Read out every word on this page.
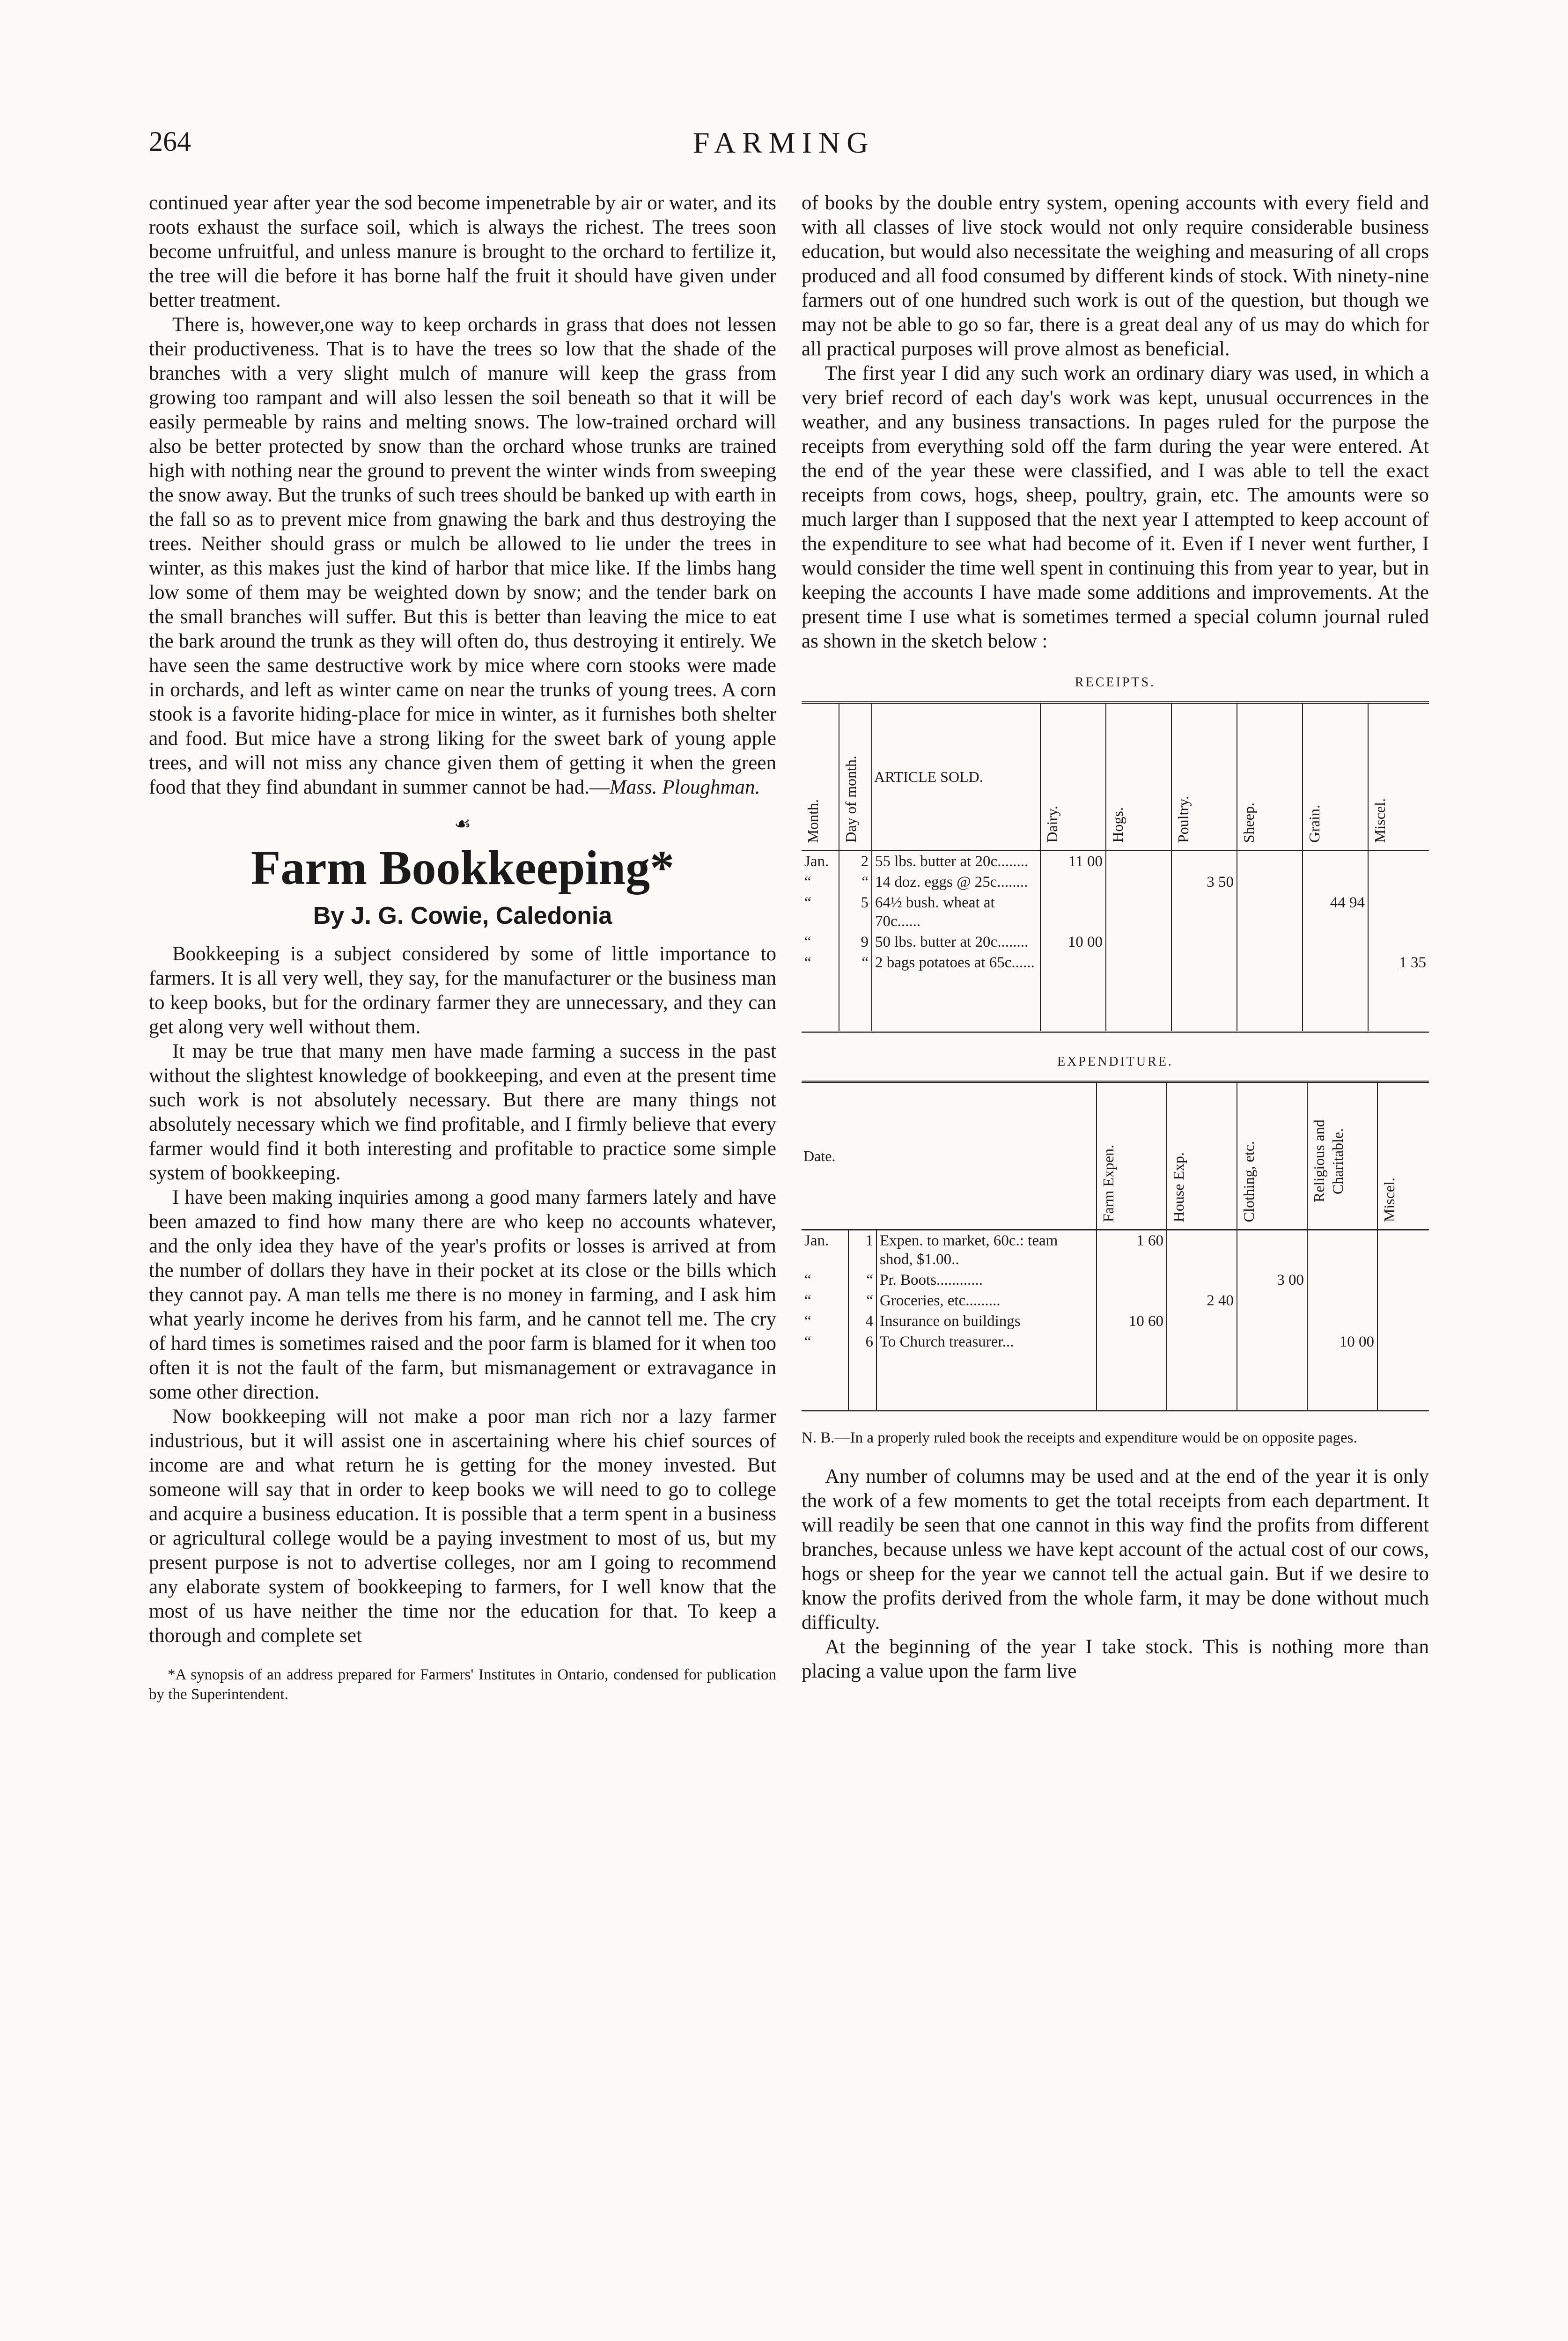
264	FARMING

continued year after year the sod become impenetrable by air or water, and its roots exhaust the surface soil, which is always the richest. The trees soon become unfruitful, and unless manure is brought to the orchard to fertilize it, the tree will die before it has borne half the fruit it should have given under better treatment.

There is, however,one way to keep orchards in grass that does not lessen their productiveness. That is to have the trees so low that the shade of the branches with a very slight mulch of manure will keep the grass from growing too rampant and will also lessen the soil beneath so that it will be easily permeable by rains and melting snows. The low-trained orchard will also be better protected by snow than the orchard whose trunks are trained high with nothing near the ground to prevent the winter winds from sweeping the snow away. But the trunks of such trees should be banked up with earth in the fall so as to prevent mice from gnawing the bark and thus destroying the trees. Neither should grass or mulch be allowed to lie under the trees in winter, as this makes just the kind of harbor that mice like. If the limbs hang low some of them may be weighted down by snow; and the tender bark on the small branches will suffer. But this is better than leaving the mice to eat the bark around the trunk as they will often do, thus destroying it entirely. We have seen the same destructive work by mice where corn stooks were made in orchards, and left as winter came on near the trunks of young trees. A corn stook is a favorite hiding-place for mice in winter, as it furnishes both shelter and food. But mice have a strong liking for the sweet bark of young apple trees, and will not miss any chance given them of getting it when the green food that they find abundant in summer cannot be had.—Mass. Ploughman.

☙
Farm Bookkeeping*
By J. G. Cowie, Caledonia

Bookkeeping is a subject considered by some of little importance to farmers. It is all very well, they say, for the manufacturer or the business man to keep books, but for the ordinary farmer they are unnecessary, and they can get along very well without them.

It may be true that many men have made farming a success in the past without the slightest knowledge of bookkeeping, and even at the present time such work is not absolutely necessary. But there are many things not absolutely necessary which we find profitable, and I firmly believe that every farmer would find it both interesting and profitable to practice some simple system of bookkeeping.

I have been making inquiries among a good many farmers lately and have been amazed to find how many there are who keep no accounts whatever, and the only idea they have of the year's profits or losses is arrived at from the number of dollars they have in their pocket at its close or the bills which they cannot pay. A man tells me there is no money in farming, and I ask him what yearly income he derives from his farm, and he cannot tell me. The cry of hard times is sometimes raised and the poor farm is blamed for it when too often it is not the fault of the farm, but mismanagement or extravagance in some other direction.

Now bookkeeping will not make a poor man rich nor a lazy farmer industrious, but it will assist one in ascertaining where his chief sources of income are and what return he is getting for the money invested. But someone will say that in order to keep books we will need to go to college and acquire a business education. It is possible that a term spent in a business or agricultural college would be a paying investment to most of us, but my present purpose is not to advertise colleges, nor am I going to recommend any elaborate system of bookkeeping to farmers, for I well know that the most of us have neither the time nor the education for that. To keep a thorough and complete set

*A synopsis of an address prepared for Farmers' Institutes in Ontario, condensed for publication by the Superintendent.

of books by the double entry system, opening accounts with every field and with all classes of live stock would not only require considerable business education, but would also necessitate the weighing and measuring of all crops produced and all food consumed by different kinds of stock. With ninety-nine farmers out of one hundred such work is out of the question, but though we may not be able to go so far, there is a great deal any of us may do which for all practical purposes will prove almost as beneficial.

The first year I did any such work an ordinary diary was used, in which a very brief record of each day's work was kept, unusual occurrences in the weather, and any business transactions. In pages ruled for the purpose the receipts from everything sold off the farm during the year were entered. At the end of the year these were classified, and I was able to tell the exact receipts from cows, hogs, sheep, poultry, grain, etc. The amounts were so much larger than I supposed that the next year I attempted to keep account of the expenditure to see what had become of it. Even if I never went further, I would consider the time well spent in continuing this from year to year, but in keeping the accounts I have made some additions and improvements. At the present time I use what is sometimes termed a special column journal ruled as shown in the sketch below :

RECEIPTS.
Month.	Day of month.	ARTICLE SOLD.	Dairy.	Hogs.	Poultry.	Sheep.	Grain.	Miscel.
Jan.	2	55 lbs. butter at 20c........	11 00					
“	“	14 doz. eggs @ 25c........			3 50			
“	5	64½ bush. wheat at 70c......					44 94	
“	9	50 lbs. butter at 20c........	10 00					
“	“	2 bags potatoes at 65c......						1 35

EXPENDITURE.
Date.			Farm Expen.	House Exp.	Clothing, etc.	Religious and Charitable.	Miscel.
Jan.	1	Expen. to market, 60c.: team shod, $1.00..	1 60				
“	“	Pr. Boots............			3 00		
“	“	Groceries, etc.........		2 40			
“	4	Insurance on buildings	10 60				
“	6	To Church treasurer...				10 00	

N. B.—In a properly ruled book the receipts and expenditure would be on opposite pages.

Any number of columns may be used and at the end of the year it is only the work of a few moments to get the total receipts from each department. It will readily be seen that one cannot in this way find the profits from different branches, because unless we have kept account of the actual cost of our cows, hogs or sheep for the year we cannot tell the actual gain. But if we desire to know the profits derived from the whole farm, it may be done without much difficulty.

At the beginning of the year I take stock. This is nothing more than placing a value upon the farm live
